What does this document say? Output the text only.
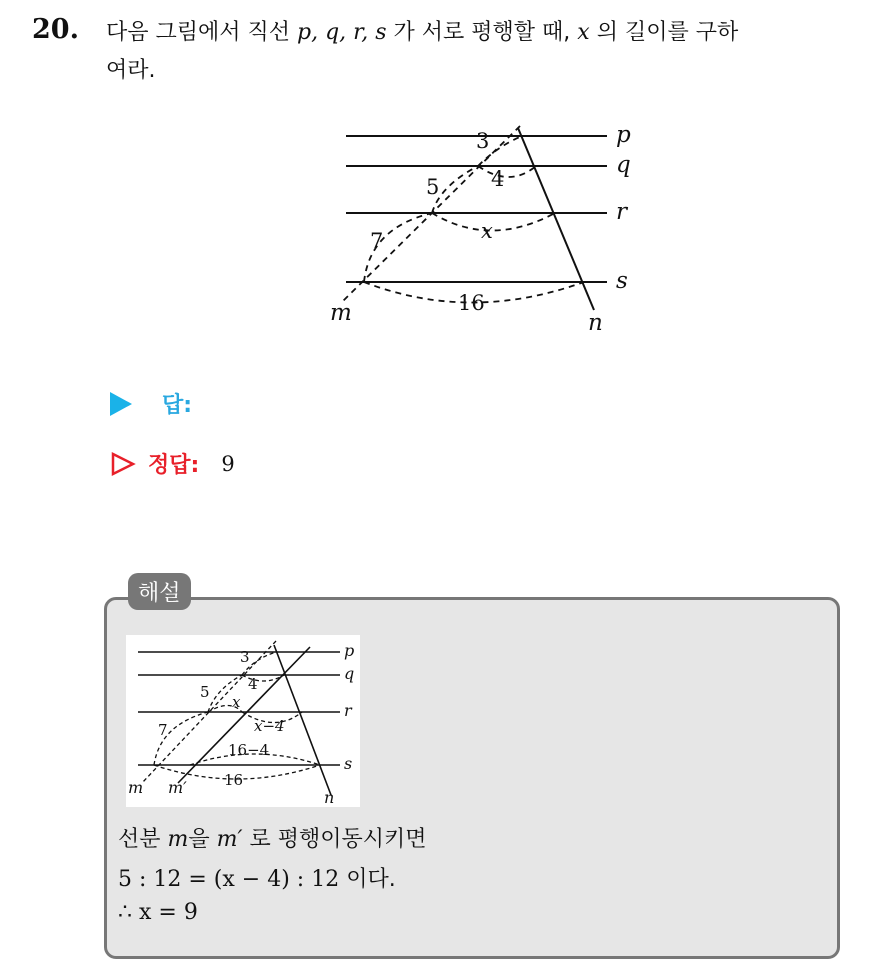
20. 다음 그림에서 직선 p, q, r, s 가 서로 평행할 때, x 의 길이를 구하
여라.
3
4
5
x
7
16
p
q
r
s
m	n
답:
정답: 9
해설
3
4
5
x
7	x−4
16−4
16
p
q
r
s
m m′
n
선분 m을 m′ 로 평행이동시키면
5 : 12 = (x − 4) : 12 이다.
∴ x = 9
